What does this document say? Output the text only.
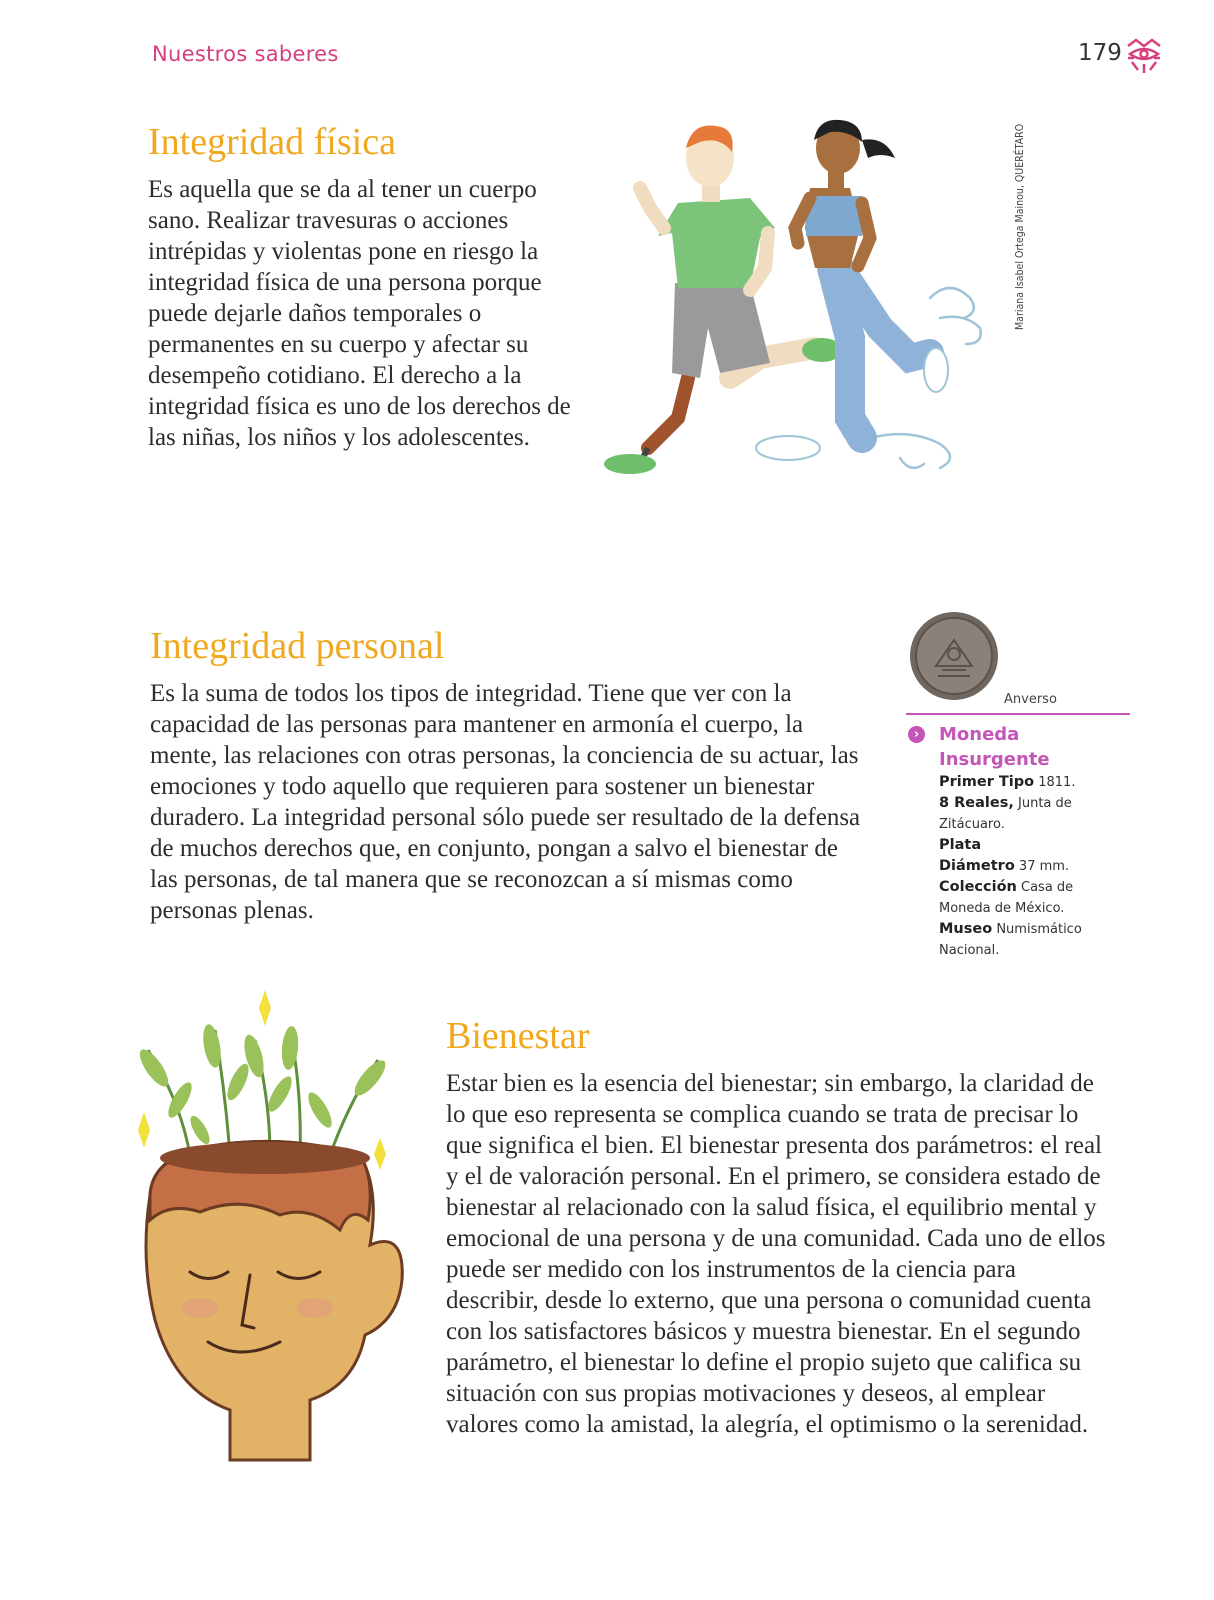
Nuestros saberes	179
Integridad física

Es aquella que se da al tener un cuerpo sano. Realizar travesuras o acciones intrépidas y violentas pone en riesgo la integridad física de una persona porque puede dejarle daños temporales o permanentes en su cuerpo y afectar su desempeño cotidiano. El derecho a la integridad física es uno de los derechos de las niñas, los niños y los adolescentes.

Mariana Isabel Ortega Mainou, QUERÉTARO
Integridad personal

Es la suma de todos los tipos de integridad. Tiene que ver con la capacidad de las personas para mantener en armonía el cuerpo, la mente, las relaciones con otras personas, la conciencia de su actuar, las emociones y todo aquello que requieren para sostener un bienestar duradero. La integridad personal sólo puede ser resultado de la defensa de muchos derechos que, en conjunto, pongan a salvo el bienestar de las personas, de tal manera que se reconozcan a sí mismas como personas plenas.

Anverso
›	Moneda
Insurgente
Primer Tipo 1811.
8 Reales, Junta de
Zitácuaro.
Plata
Diámetro 37 mm.
Colección Casa de
Moneda de México.
Museo Numismático
Nacional.
Bienestar

Estar bien es la esencia del bienestar; sin embargo, la claridad de lo que eso representa se complica cuando se trata de precisar lo que significa el bien. El bienestar presenta dos parámetros: el real y el de valoración personal. En el primero, se considera estado de bienestar al relacionado con la salud física, el equilibrio mental y emocional de una persona y de una comunidad. Cada uno de ellos puede ser medido con los instrumentos de la ciencia para describir, desde lo externo, que una persona o comunidad cuenta con los satisfactores básicos y muestra bienestar. En el segundo parámetro, el bienestar lo define el propio sujeto que califica su situación con sus propias motivaciones y deseos, al emplear valores como la amistad, la alegría, el optimismo o la serenidad.
